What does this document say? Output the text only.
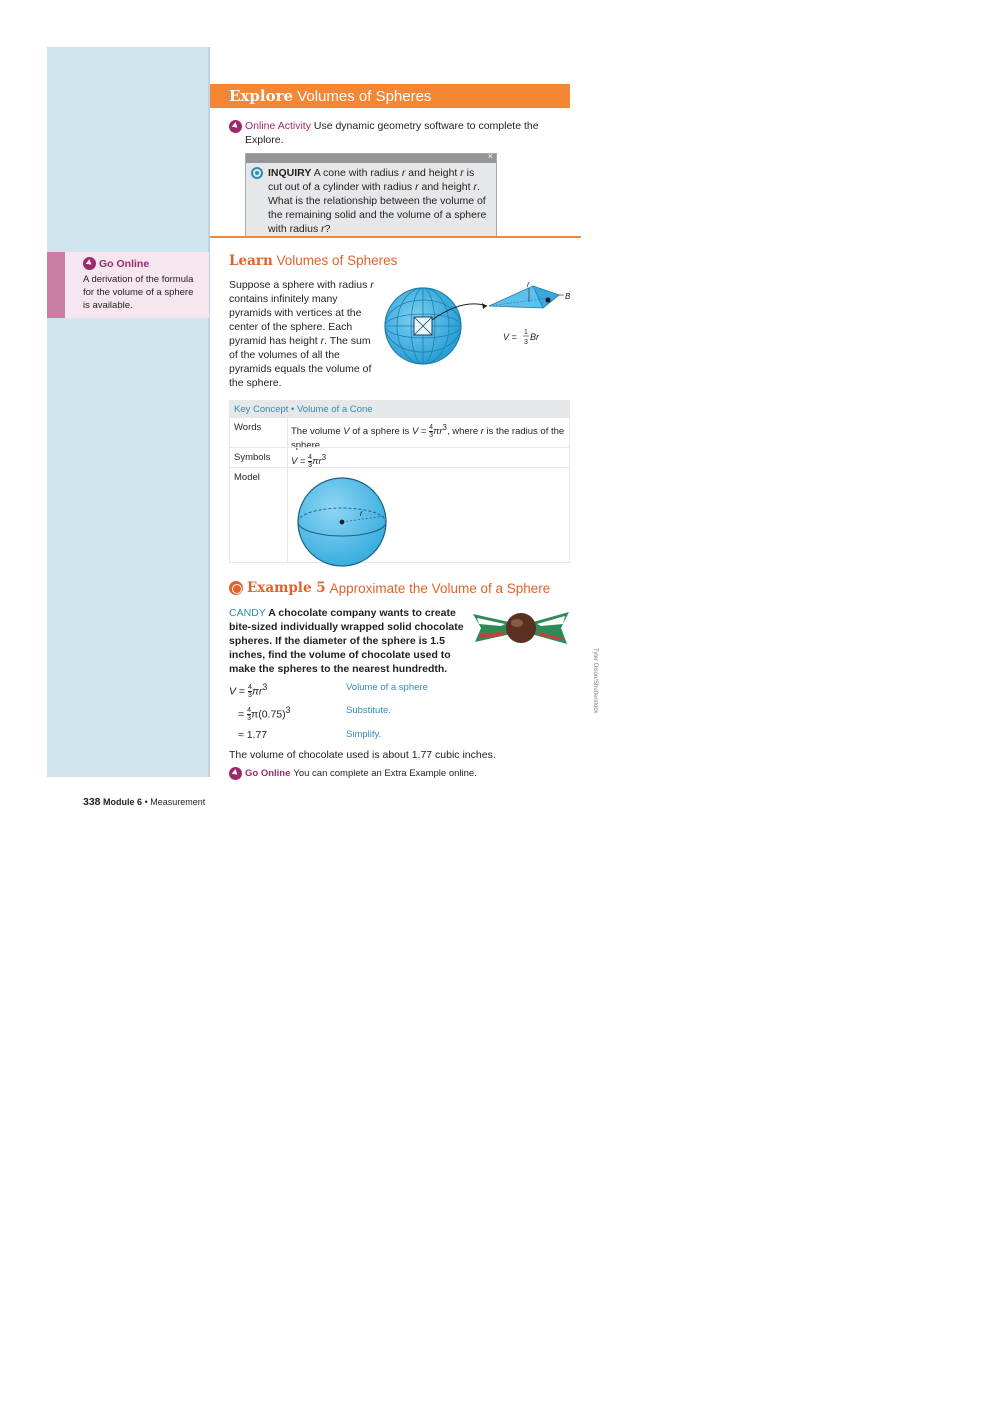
Go Online
A derivation of the formula for the volume of a sphere is available.
Explore Volumes of Spheres
Online Activity Use dynamic geometry software to complete the Explore.
×
INQUIRY A cone with radius r and height r is cut out of a cylinder with radius r and height r. What is the relationship between the volume of the remaining solid and the volume of a sphere with radius r?
Learn Volumes of Spheres
Suppose a sphere with radius r contains infinitely many pyramids with vertices at the center of the sphere. Each pyramid has height r. The sum of the volumes of all the pyramids equals the volume of the sphere.
r
B
V = 1
3
Br
Key Concept • Volume of a Cone
Words	The volume V of a sphere is $V = \frac{4}{3} \pi r^3$, where r is the radius of the sphere.
Symbols $V = \frac{4}{3} \pi r^3$
Model
r
Example 5 Approximate the Volume of a Sphere
CANDY A chocolate company wants to create bite-sized individually wrapped solid chocolate spheres. If the diameter of the sphere is 1.5 inches, find the volume of chocolate used to make the spheres to the nearest hundredth.
$V = \frac{4}{3} \pi r^3$	Volume of a sphere
= $\frac{4}{3} \pi(0.75)^3$	Substitute.
≈ 1.77	Simplify.
The volume of chocolate used is about 1.77 cubic inches.
Go Online You can complete an Extra Example online.
Tyler Olson/Shutterstock
338 Module 6 • Measurement
